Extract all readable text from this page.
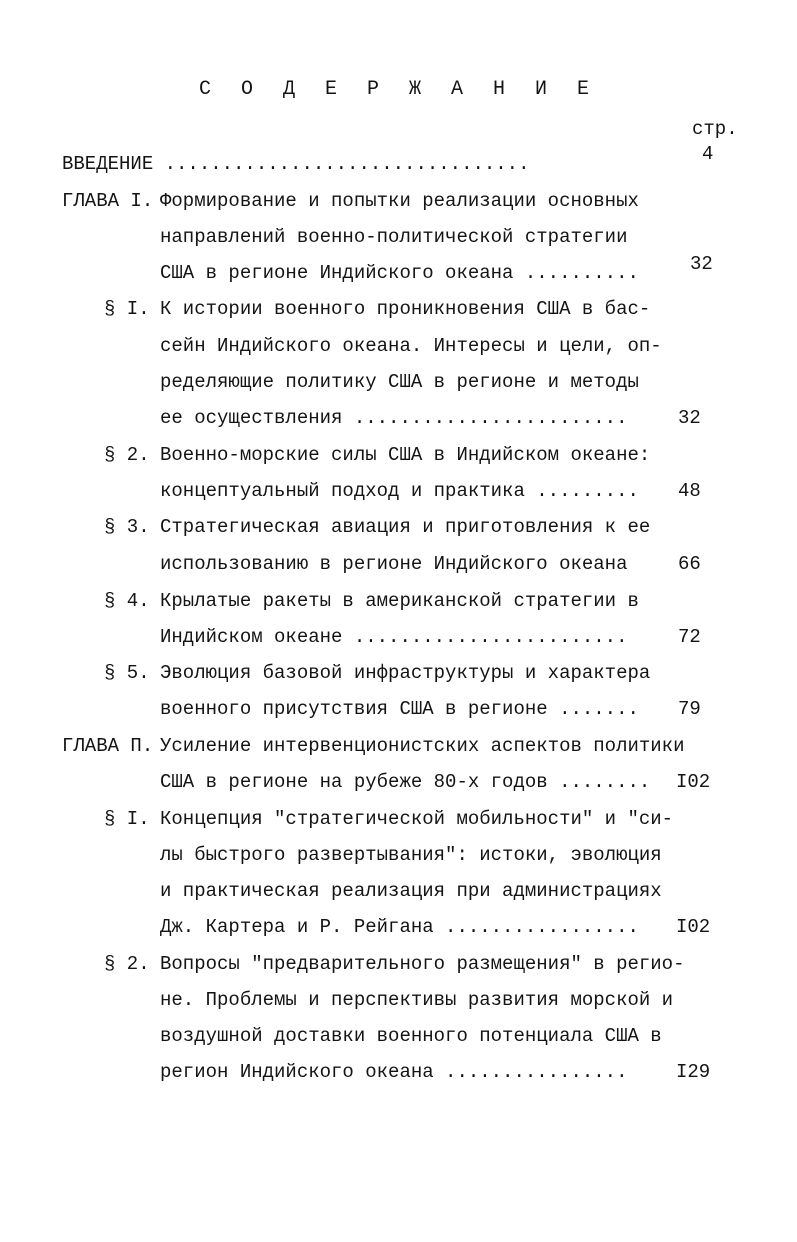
С О Д Е Р Ж А Н И Е
стр.
ВВЕДЕНИЕ ................................	4
ГЛАВА I. Формирование и попытки реализации основных
направлений военно-политической стратегии
США в регионе Индийского океана ..........	32
§ I. К истории военного проникновения США в бас-
сейн Индийского океана. Интересы и цели, оп-
ределяющие политику США в регионе и методы
ее осуществления ........................	32
§ 2. Военно-морские силы США в Индийском океане:
концептуальный подход и практика ......... 48
§ 3. Стратегическая авиация и приготовления к ее
использованию в регионе Индийского океана	66
§ 4. Крылатые ракеты в американской стратегии в
Индийском океане ........................	72
§ 5. Эволюция базовой инфраструктуры и характера
военного присутствия США в регионе ....... 79
ГЛАВА П. Усиление интервенционистских аспектов политики
США в регионе на рубеже 80-х годов ........ I02
§ I. Концепция "стратегической мобильности" и "си-
лы быстрого развертывания": истоки, эволюция
и практическая реализация при администрациях
Дж. Картера и Р. Рейгана ................. I02
§ 2. Вопросы "предварительного размещения" в регио-
не. Проблемы и перспективы развития морской и
воздушной доставки военного потенциала США в
регион Индийского океана ................	I29
